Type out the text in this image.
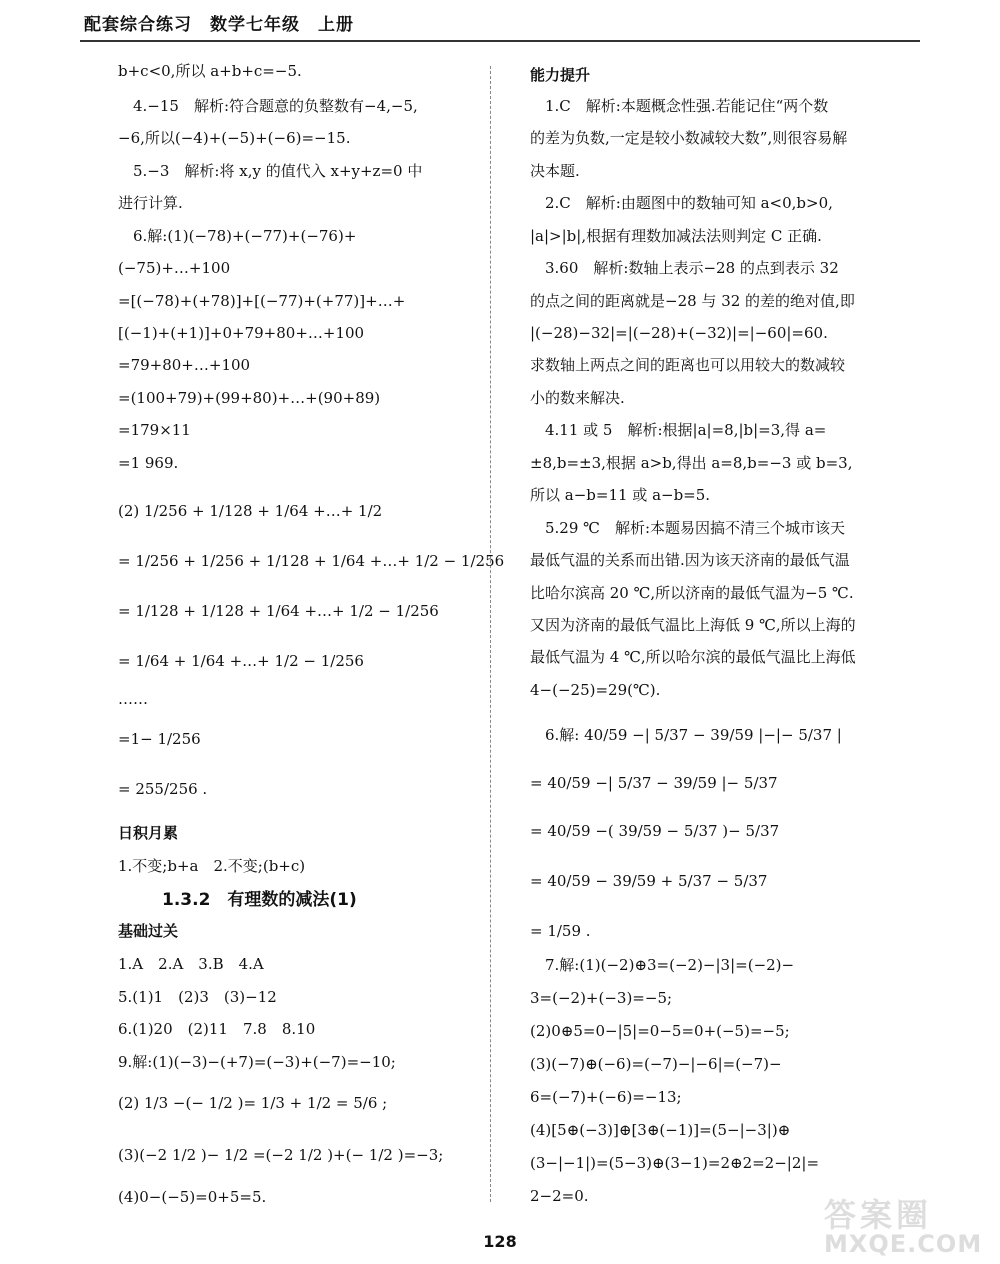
配套综合练习　数学七年级　上册
b+c<0,所以 a+b+c=−5.
　4.−15　解析:符合题意的负整数有−4,−5,
−6,所以(−4)+(−5)+(−6)=−15.
　5.−3　解析:将 x,y 的值代入 x+y+z=0 中
进行计算.
　6.解:(1)(−78)+(−77)+(−76)+
(−75)+…+100
=[(−78)+(+78)]+[(−77)+(+77)]+…+
[(−1)+(+1)]+0+79+80+…+100
=79+80+…+100
=(100+79)+(99+80)+…+(90+89)
=179×11
=1 969.
(2) 1/256 + 1/128 + 1/64 +…+ 1/2
= 1/256 + 1/256 + 1/128 + 1/64 +…+ 1/2 − 1/256
= 1/128 + 1/128 + 1/64 +…+ 1/2 − 1/256
= 1/64 + 1/64 +…+ 1/2 − 1/256
……
=1− 1/256
= 255/256 .
日积月累
1.不变;b+a　2.不变;(b+c)
1.3.2　有理数的减法(1)
基础过关
1.A　2.A　3.B　4.A
5.(1)1　(2)3　(3)−12
6.(1)20　(2)11　7.8　8.10
9.解:(1)(−3)−(+7)=(−3)+(−7)=−10;
(2) 1/3 −(− 1/2 )= 1/3 + 1/2 = 5/6 ;
(3)(−2 1/2 )− 1/2 =(−2 1/2 )+(− 1/2 )=−3;
(4)0−(−5)=0+5=5.
能力提升
　1.C　解析:本题概念性强.若能记住“两个数
的差为负数,一定是较小数减较大数”,则很容易解
决本题.
　2.C　解析:由题图中的数轴可知 a<0,b>0,
|a|>|b|,根据有理数加减法法则判定 C 正确.
　3.60　解析:数轴上表示−28 的点到表示 32
的点之间的距离就是−28 与 32 的差的绝对值,即
|(−28)−32|=|(−28)+(−32)|=|−60|=60.
求数轴上两点之间的距离也可以用较大的数减较
小的数来解决.
　4.11 或 5　解析:根据|a|=8,|b|=3,得 a=
±8,b=±3,根据 a>b,得出 a=8,b=−3 或 b=3,
所以 a−b=11 或 a−b=5.
　5.29 ℃　解析:本题易因搞不清三个城市该天
最低气温的关系而出错.因为该天济南的最低气温
比哈尔滨高 20 ℃,所以济南的最低气温为−5 ℃.
又因为济南的最低气温比上海低 9 ℃,所以上海的
最低气温为 4 ℃,所以哈尔滨的最低气温比上海低
4−(−25)=29(℃).
　6.解: 40/59 −| 5/37 − 39/59 |−|− 5/37 |
= 40/59 −| 5/37 − 39/59 |− 5/37
= 40/59 −( 39/59 − 5/37 )− 5/37
= 40/59 − 39/59 + 5/37 − 5/37
= 1/59 .
　7.解:(1)(−2)⊕3=(−2)−|3|=(−2)−
3=(−2)+(−3)=−5;
(2)0⊕5=0−|5|=0−5=0+(−5)=−5;
(3)(−7)⊕(−6)=(−7)−|−6|=(−7)−
6=(−7)+(−6)=−13;
(4)[5⊕(−3)]⊕[3⊕(−1)]=(5−|−3|)⊕
(3−|−1|)=(5−3)⊕(3−1)=2⊕2=2−|2|=
2−2=0.
128
答案圈
MXQE.COM
